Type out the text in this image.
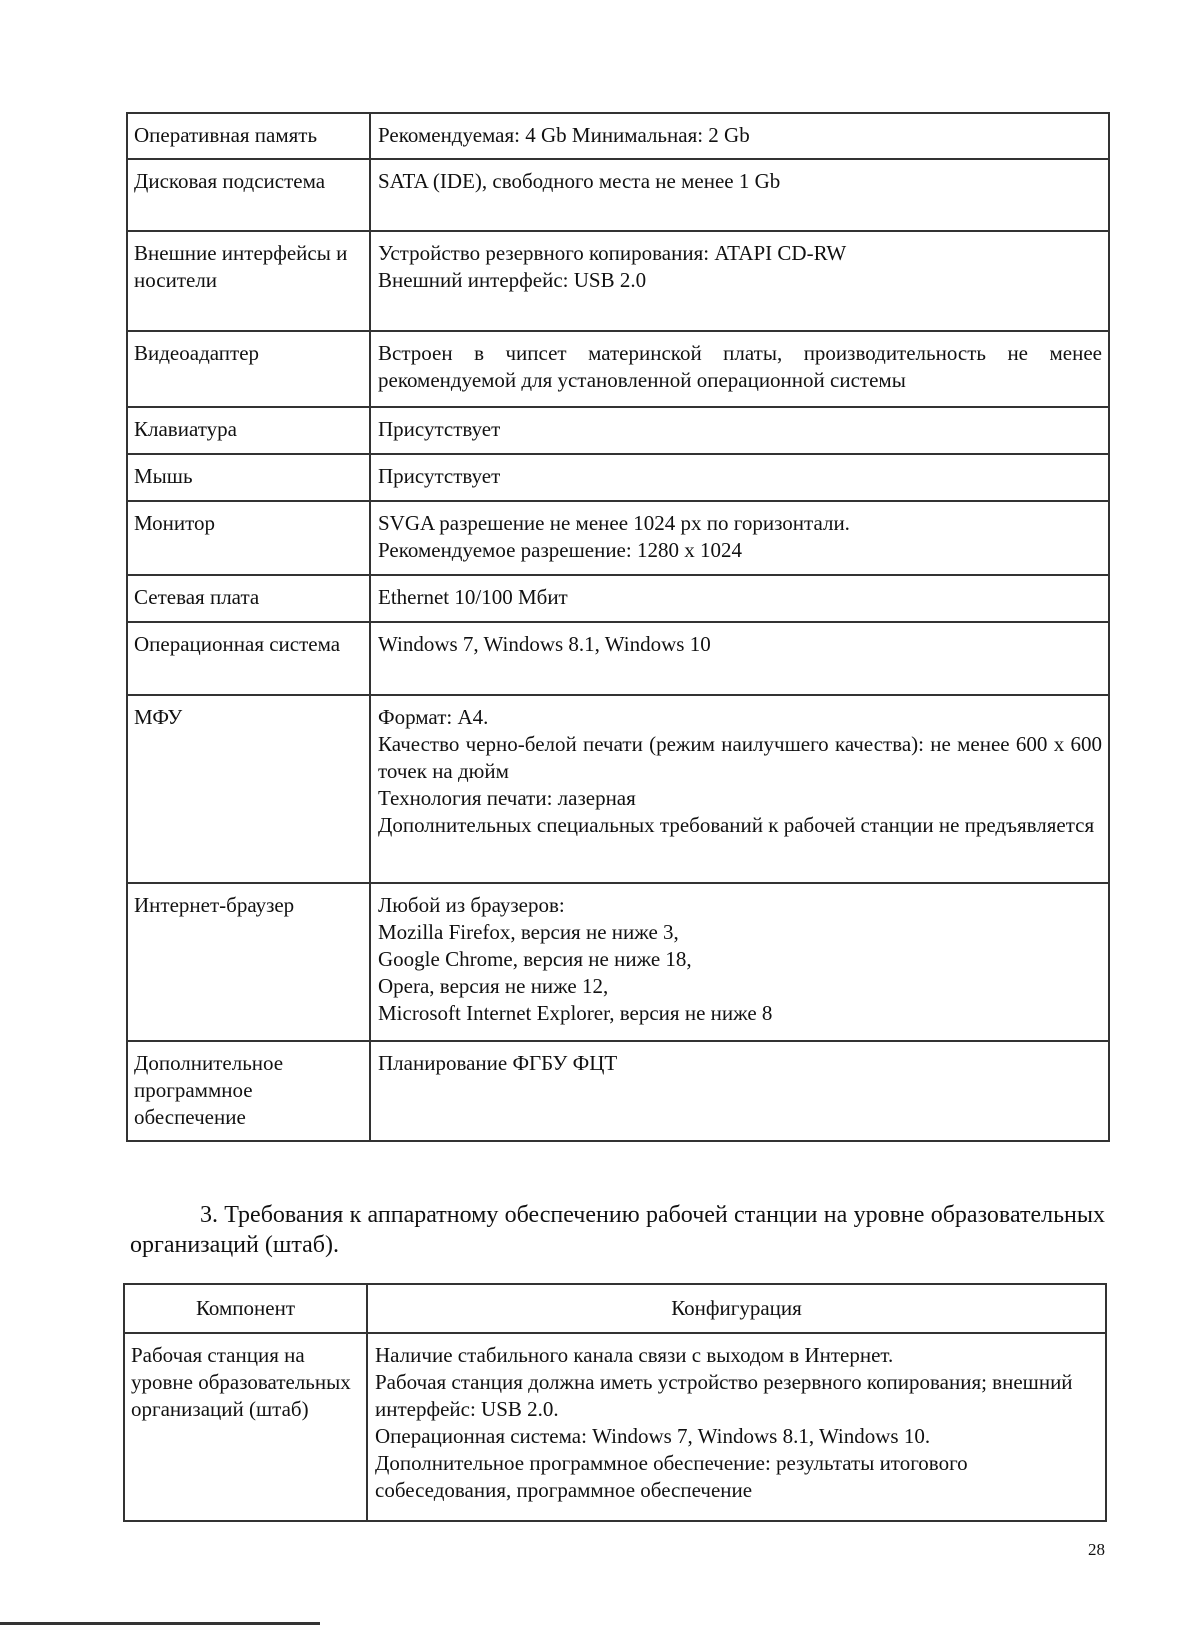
Оперативная память	Рекомендуемая: 4 Gb Минимальная: 2 Gb

Дисковая подсистема	SATA (IDE), свободного места не менее 1 Gb

Внешние интерфейсы и носители	Устройство резервного копирования: ATAPI CD-RW
Внешний интерфейс: USB 2.0

Видеоадаптер	Встроен в чипсет материнской платы, производительность не менее рекомендуемой для установленной операционной системы

Клавиатура	Присутствует

Мышь	Присутствует

Монитор	SVGA разрешение не менее 1024 px по горизонтали.
Рекомендуемое разрешение: 1280 x 1024

Сетевая плата	Ethernet 10/100 Мбит

Операционная система	Windows 7, Windows 8.1, Windows 10

МФУ	Формат: А4.
Качество черно-белой печати (режим наилучшего качества): не менее 600 x 600 точек на дюйм
Технология печати: лазерная
Дополнительных специальных требований к рабочей станции не предъявляется

Интернет-браузер	Любой из браузеров:
Mozilla Firefox, версия не ниже 3,
Google Chrome, версия не ниже 18,
Opera, версия не ниже 12,
Microsoft Internet Explorer, версия не ниже 8

Дополнительное программное обеспечение	Планирование ФГБУ ФЦТ

3. Требования к аппаратному обеспечению рабочей станции на уровне образовательных организаций (штаб).

Компонент	Конфигурация
Рабочая станция на уровне образовательных организаций (штаб)	Наличие стабильного канала связи с выходом в Интернет.
Рабочая станция должна иметь устройство резервного копирования; внешний интерфейс: USB 2.0.
Операционная система: Windows 7, Windows 8.1, Windows 10.
Дополнительное программное обеспечение: результаты итогового собеседования, программное обеспечение
28
